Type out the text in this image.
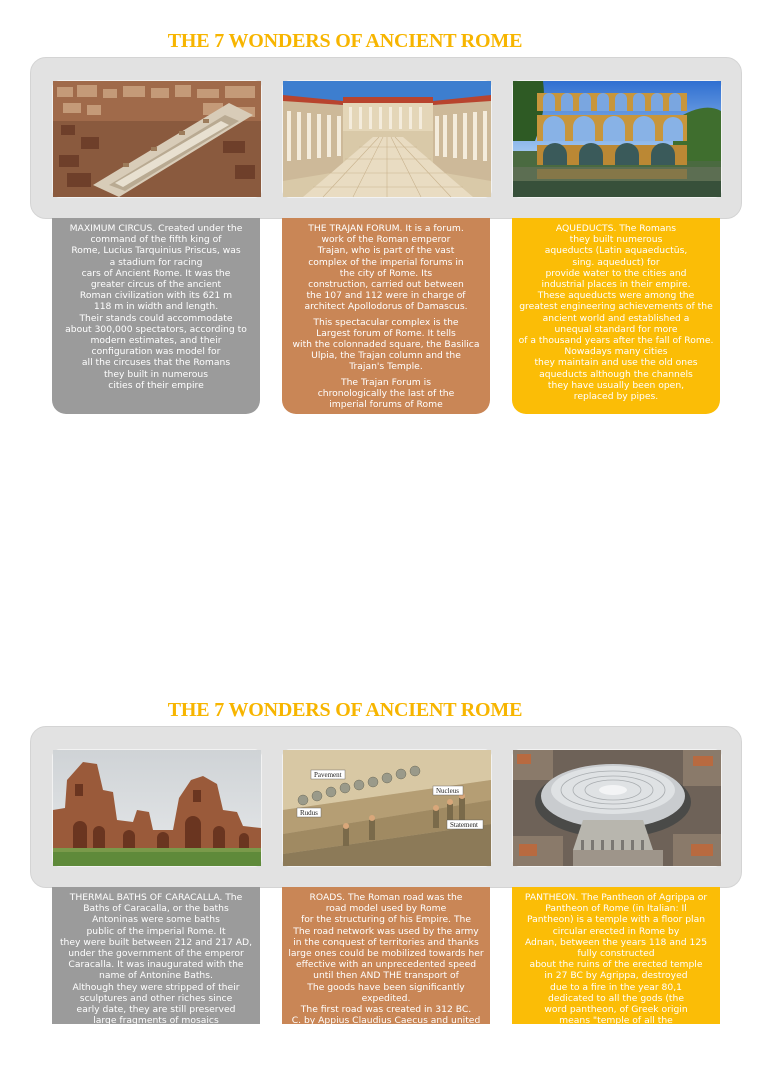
THE 7 WONDERS OF ANCIENT ROME

MAXIMUM CIRCUS. Created under the
command of the fifth king of
Rome, Lucius Tarquinius Priscus, was
a stadium for racing
cars of Ancient Rome. It was the
greater circus of the ancient
Roman civilization with its 621 m
118 m in width and length.
Their stands could accommodate
about 300,000 spectators, according to
modern estimates, and their
configuration was model for
all the circuses that the Romans
they built in numerous
cities of their empire

THE TRAJAN FORUM. It is a forum.
work of the Roman emperor
Trajan, who is part of the vast
complex of the imperial forums in
the city of Rome. Its
construction, carried out between
the 107 and 112 were in charge of
architect Apollodorus of Damascus.

This spectacular complex is the
Largest forum of Rome. It tells
with the colonnaded square, the Basilica
Ulpia, the Trajan column and the
Trajan's Temple.

The Trajan Forum is
chronologically the last of the
imperial forums of Rome

AQUEDUCTS. The Romans
they built numerous
aqueducts (Latin aquaeductūs,
sing. aqueduct) for
provide water to the cities and
industrial places in their empire.
These aqueducts were among the
greatest engineering achievements of the
ancient world and established a
unequal standard for more
of a thousand years after the fall of Rome.
Nowadays many cities
they maintain and use the old ones
aqueducts although the channels
they have usually been open,
replaced by pipes.

THE 7 WONDERS OF ANCIENT ROME
Pavement
Nucleus
Rudus
Statement

THERMAL BATHS OF CARACALLA. The
Baths of Caracalla, or the baths
Antoninas were some baths
public of the imperial Rome. It
they were built between 212 and 217 AD,
under the government of the emperor
Caracalla. It was inaugurated with the
name of Antonine Baths.
Although they were stripped of their
sculptures and other riches since
early date, they are still preserved
large fragments of mosaics

ROADS. The Roman road was the
road model used by Rome
for the structuring of his Empire. The
The road network was used by the army
in the conquest of territories and thanks
large ones could be mobilized towards her
effective with an unprecedented speed
until then AND THE transport of
The goods have been significantly expedited.
The first road was created in 312 BC.
C. by Appius Claudius Caecus and united
Rome with Capua: it is the Appian Way, each
the way bears the name of the censor who it

PANTHEON. The Pantheon of Agrippa or
Pantheon of Rome (in Italian: Il
Pantheon) is a temple with a floor plan
circular erected in Rome by
Adnan, between the years 118 and 125
fully constructed
about the ruins of the erected temple
in 27 BC by Agrippa, destroyed
due to a fire in the year 80,1
dedicated to all the gods (the
word pantheon, of Greek origin
means "temple of all the
